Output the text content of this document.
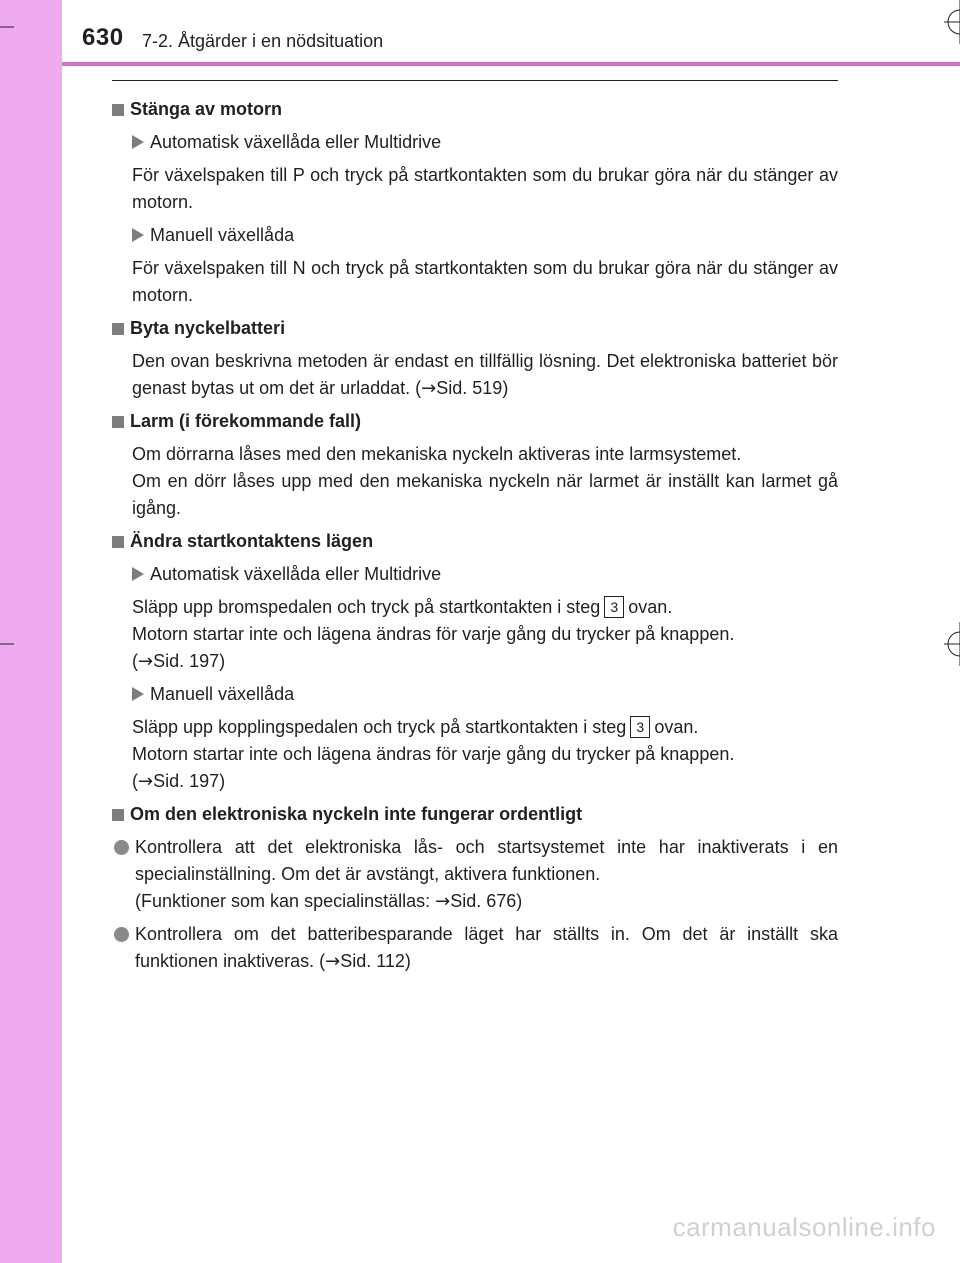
630 7-2. Åtgärder i en nödsituation
Stänga av motorn
Automatisk växellåda eller Multidrive
För växelspaken till P och tryck på startkontakten som du brukar göra när du stänger av motorn.
Manuell växellåda
För växelspaken till N och tryck på startkontakten som du brukar göra när du stänger av motorn.
Byta nyckelbatteri
Den ovan beskrivna metoden är endast en tillfällig lösning. Det elektroniska batteriet bör genast bytas ut om det är urladdat. (→Sid. 519)
Larm (i förekommande fall)
Om dörrarna låses med den mekaniska nyckeln aktiveras inte larmsystemet.
Om en dörr låses upp med den mekaniska nyckeln när larmet är inställt kan larmet gå igång.
Ändra startkontaktens lägen
Automatisk växellåda eller Multidrive
Släpp upp bromspedalen och tryck på startkontakten i steg 3 ovan.
Motorn startar inte och lägena ändras för varje gång du trycker på knappen.
(→Sid. 197)
Manuell växellåda
Släpp upp kopplingspedalen och tryck på startkontakten i steg 3 ovan.
Motorn startar inte och lägena ändras för varje gång du trycker på knappen.
(→Sid. 197)
Om den elektroniska nyckeln inte fungerar ordentligt
Kontrollera att det elektroniska lås- och startsystemet inte har inaktiverats i en specialinställning. Om det är avstängt, aktivera funktionen.
(Funktioner som kan specialinställas: →Sid. 676)
Kontrollera om det batteribesparande läget har ställts in. Om det är inställt ska funktionen inaktiveras. (→Sid. 112)
carmanualsonline.info
